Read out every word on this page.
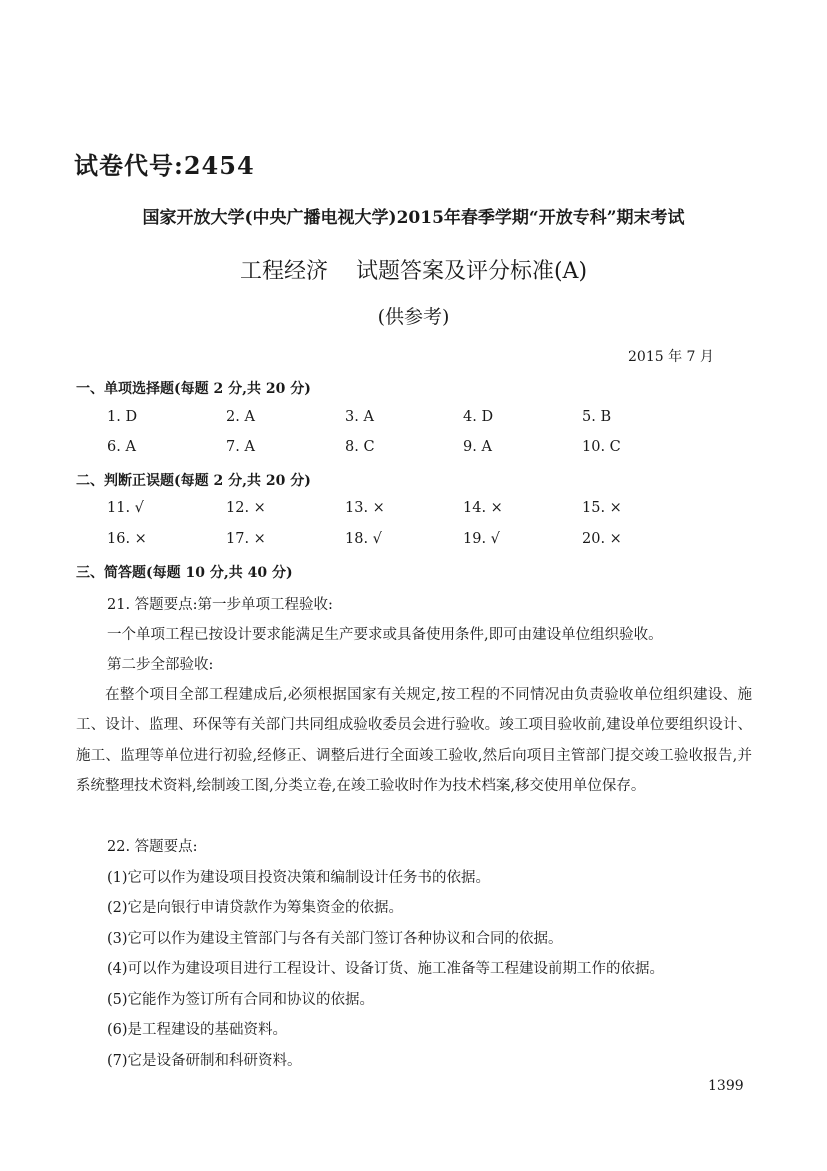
试卷代号:2454
国家开放大学(中央广播电视大学)2015年春季学期“开放专科”期末考试
工程经济 试题答案及评分标准(A)
(供参考)
2015 年 7 月
一、单项选择题(每题 2 分,共 20 分)
1. D	2. A	3. A	4. D	5. B
6. A	7. A	8. C	9. A	10. C
二、判断正误题(每题 2 分,共 20 分)
11. √	12. ×	13. ×	14. ×	15. ×
16. ×	17. ×	18. √	19. √	20. ×
三、简答题(每题 10 分,共 40 分)
21. 答题要点:第一步单项工程验收:
一个单项工程已按设计要求能满足生产要求或具备使用条件,即可由建设单位组织验收。
第二步全部验收:
在整个项目全部工程建成后,必须根据国家有关规定,按工程的不同情况由负责验收单位组织建设、施工、设计、监理、环保等有关部门共同组成验收委员会进行验收。竣工项目验收前,建设单位要组织设计、施工、监理等单位进行初验,经修正、调整后进行全面竣工验收,然后向项目主管部门提交竣工验收报告,并系统整理技术资料,绘制竣工图,分类立卷,在竣工验收时作为技术档案,移交使用单位保存。
22. 答题要点:
(1)它可以作为建设项目投资决策和编制设计任务书的依据。
(2)它是向银行申请贷款作为筹集资金的依据。
(3)它可以作为建设主管部门与各有关部门签订各种协议和合同的依据。
(4)可以作为建设项目进行工程设计、设备订货、施工准备等工程建设前期工作的依据。
(5)它能作为签订所有合同和协议的依据。
(6)是工程建设的基础资料。
(7)它是设备研制和科研资料。
1399
